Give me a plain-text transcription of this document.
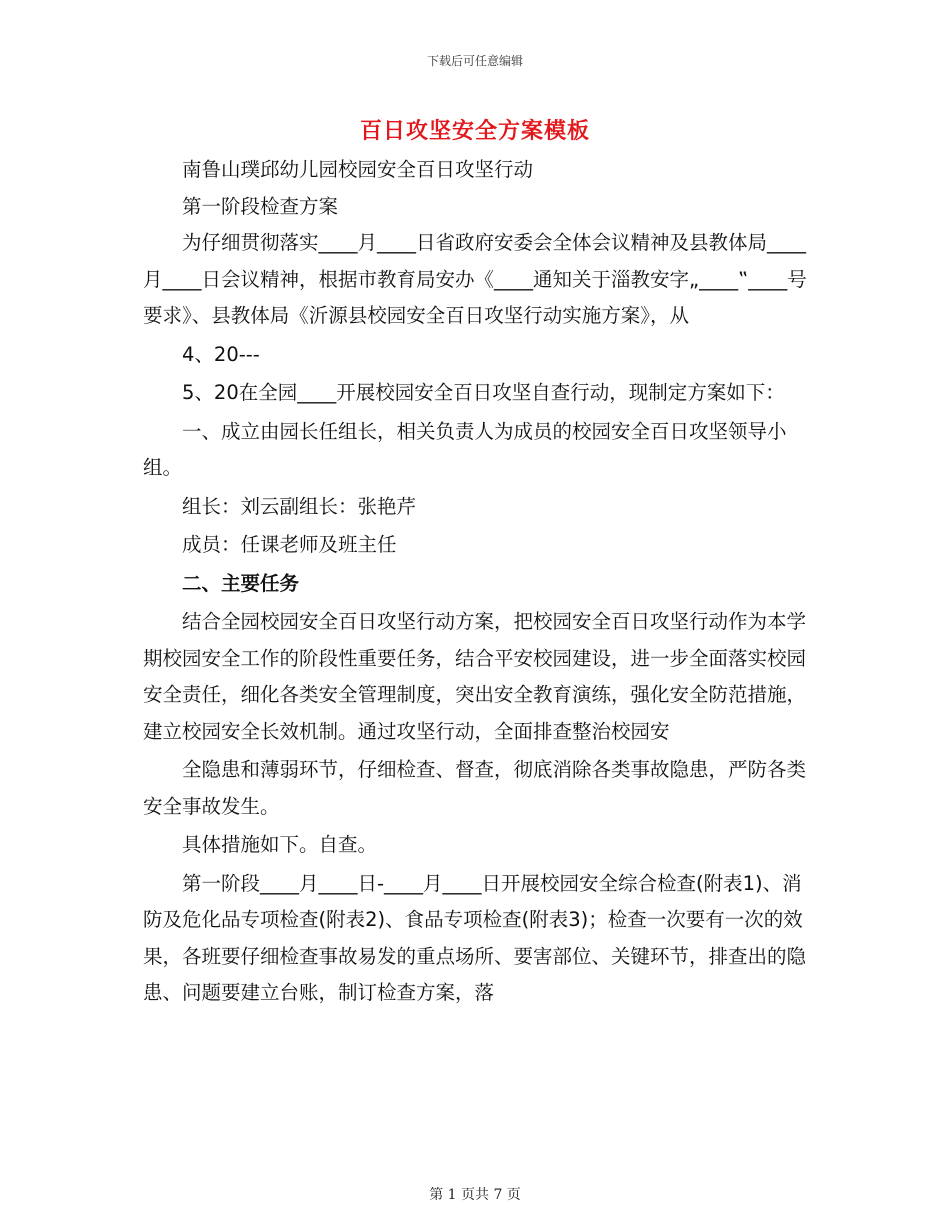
下载后可任意编辑
百日攻坚安全方案模板

南鲁山璞邱幼儿园校园安全百日攻坚行动

第一阶段检查方案

为仔细贯彻落实____月____日省政府安委会全体会议精神及县教体局____月____日会议精神，根据市教育局安办《____通知关于淄教安字„____‟____号要求》、县教体局《沂源县校园安全百日攻坚行动实施方案》，从

4、20---

5、20在全园____开展校园安全百日攻坚自查行动，现制定方案如下：

一、成立由园长任组长，相关负责人为成员的校园安全百日攻坚领导小组。

组长：刘云副组长：张艳芹

成员：任课老师及班主任

二、主要任务

结合全园校园安全百日攻坚行动方案，把校园安全百日攻坚行动作为本学期校园安全工作的阶段性重要任务，结合平安校园建设，进一步全面落实校园安全责任，细化各类安全管理制度，突出安全教育演练，强化安全防范措施，建立校园安全长效机制。通过攻坚行动，全面排查整治校园安

全隐患和薄弱环节，仔细检查、督查，彻底消除各类事故隐患，严防各类安全事故发生。

具体措施如下。自查。

第一阶段____月____日-____月____日开展校园安全综合检查(附表1)、消防及危化品专项检查(附表2)、食品专项检查(附表3)；检查一次要有一次的效果，各班要仔细检查事故易发的重点场所、要害部位、关键环节，排查出的隐患、问题要建立台账，制订检查方案，落

第 1 页共 7 页
